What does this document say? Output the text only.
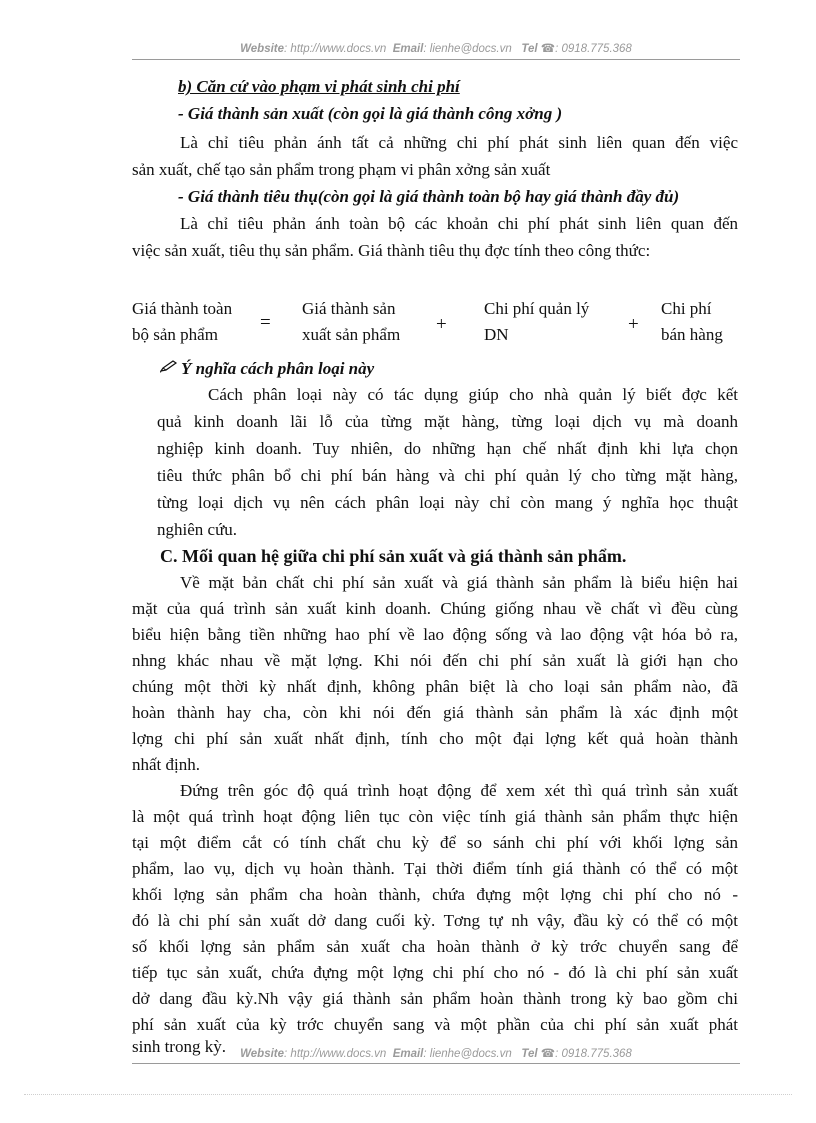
Website: http://www.docs.vn Email: lienhe@docs.vn Tel ☎: 0918.775.368
b) Căn cứ vào phạm vi phát sinh chi phí
- Giá thành sản xuất (còn gọi là giá thành công xởng )
Là chỉ tiêu phản ánh tất cả những chi phí phát sinh liên quan đến việc
sản xuất, chế tạo sản phẩm trong phạm vi phân xởng sản xuất
- Giá thành tiêu thụ(còn gọi là giá thành toàn bộ hay giá thành đầy đủ)
Là chỉ tiêu phản ánh toàn bộ các khoản chi phí phát sinh liên quan đến
việc sản xuất, tiêu thụ sản phẩm. Giá thành tiêu thụ đợc tính theo công thức:
Giá thành toàn
bộ sản phẩm
=
Giá thành sản
xuất sản phẩm	+
Chi phí quản lý
DN	+
Chi phí
bán hàng
Ý nghĩa cách phân loại này
Cách phân loại này có tác dụng giúp cho nhà quản lý biết đợc kết
quả kinh doanh lãi lỗ của từng mặt hàng, từng loại dịch vụ mà doanh
nghiệp kinh doanh. Tuy nhiên, do những hạn chế nhất định khi lựa chọn
tiêu thức phân bổ chi phí bán hàng và chi phí quản lý cho từng mặt hàng,
từng loại dịch vụ nên cách phân loại này chỉ còn mang ý nghĩa học thuật
nghiên cứu.
C. Mối quan hệ giữa chi phí sản xuất và giá thành sản phẩm.
Về mặt bản chất chi phí sản xuất và giá thành sản phẩm là biểu hiện hai
mặt của quá trình sản xuất kinh doanh. Chúng giống nhau về chất vì đều cùng
biểu hiện bằng tiền những hao phí về lao động sống và lao động vật hóa bỏ ra,
nhng khác nhau về mặt lợng. Khi nói đến chi phí sản xuất là giới hạn cho
chúng một thời kỳ nhất định, không phân biệt là cho loại sản phẩm nào, đã
hoàn thành hay cha, còn khi nói đến giá thành sản phẩm là xác định một
lợng chi phí sản xuất nhất định, tính cho một đại lợng kết quả hoàn thành
nhất định.
Đứng trên góc độ quá trình hoạt động để xem xét thì quá trình sản xuất
là một quá trình hoạt động liên tục còn việc tính giá thành sản phẩm thực hiện
tại một điểm cắt có tính chất chu kỳ để so sánh chi phí với khối lợng sản
phẩm, lao vụ, dịch vụ hoàn thành. Tại thời điểm tính giá thành có thể có một
khối lợng sản phẩm cha hoàn thành, chứa đựng một lợng chi phí cho nó -
đó là chi phí sản xuất dở dang cuối kỳ. Tơng tự nh vậy, đầu kỳ có thể có một
số khối lợng sản phẩm sản xuất cha hoàn thành ở kỳ trớc chuyển sang để
tiếp tục sản xuất, chứa đựng một lợng chi phí cho nó - đó là chi phí sản xuất
dở dang đầu kỳ.Nh vậy giá thành sản phẩm hoàn thành trong kỳ bao gồm chi
phí sản xuất của kỳ trớc chuyển sang và một phần của chi phí sản xuất phát
sinh trong kỳ.	Website: http://www.docs.vn Email: lienhe@docs.vn Tel ☎: 0918.775.368
